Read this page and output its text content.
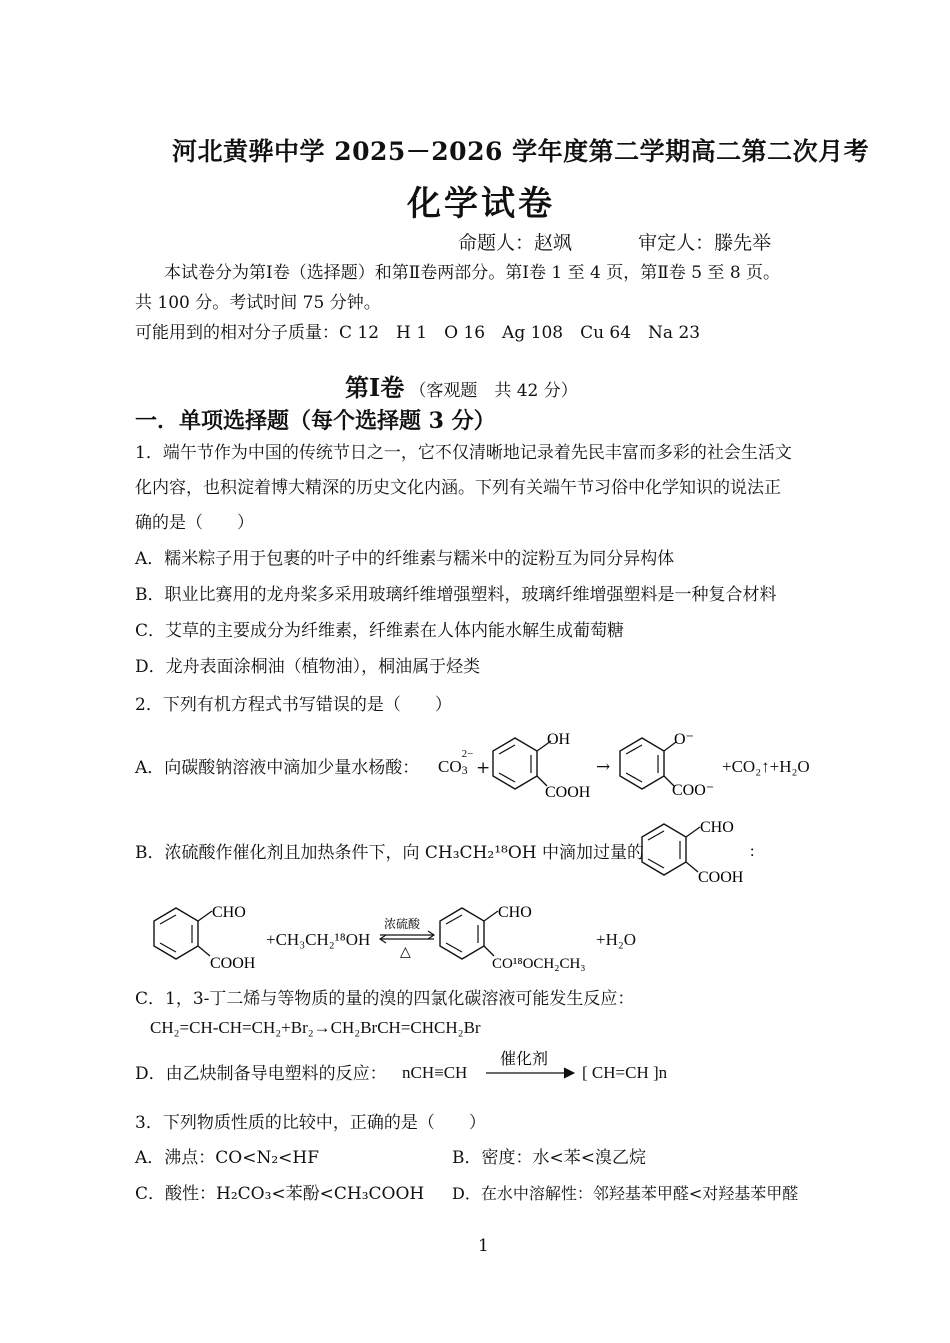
河北黄骅中学 2025－2026 学年度第二学期高二第二次月考
化学试卷
命题人：赵飒	审定人：滕先举
本试卷分为第Ⅰ卷（选择题）和第Ⅱ卷两部分。第Ⅰ卷 1 至 4 页，第Ⅱ卷 5 至 8 页。
共 100 分。考试时间 75 分钟。
可能用到的相对分子质量：C 12　H 1　O 16　Ag 108　Cu 64　Na 23
第Ⅰ卷 （客观题　共 42 分）
一．单项选择题（每个选择题 3 分）
1．端午节作为中国的传统节日之一，它不仅清晰地记录着先民丰富而多彩的社会生活文
化内容，也积淀着博大精深的历史文化内涵。下列有关端午节习俗中化学知识的说法正
确的是（　　）
A．糯米粽子用于包裹的叶子中的纤维素与糯米中的淀粉互为同分异构体
B．职业比赛用的龙舟桨多采用玻璃纤维增强塑料，玻璃纤维增强塑料是一种复合材料
C．艾草的主要成分为纤维素，纤维素在人体内能水解生成葡萄糖
D．龙舟表面涂桐油（植物油），桐油属于烃类
2．下列有机方程式书写错误的是（　　）
A．向碳酸钠溶液中滴加少量水杨酸： CO
2−
3 +
OH
COOH
→
O⁻
COO⁻
+CO₂↑+H₂O
B．浓硫酸作催化剂且加热条件下，向 CH₃CH₂¹⁸OH 中滴加过量的
CHO
COOH
:
CHO
COOH
+CH₃CH₂¹⁸OH
浓硫酸
△
CHO
CO¹⁸OCH₂CH₃
+H₂O
C．1，3-丁二烯与等物质的量的溴的四氯化碳溶液可能发生反应：
CH₂=CH-CH=CH₂+Br₂→CH₂BrCH=CHCH₂Br
D．由乙炔制备导电塑料的反应： nCH≡CH
催化剂
[ CH=CH ]n
3．下列物质性质的比较中，正确的是（　　）
A．沸点：CO<N₂<HF	B．密度：水<苯<溴乙烷
C．酸性：H₂CO₃<苯酚<CH₃COOH D．在水中溶解性：邻羟基苯甲醛<对羟基苯甲醛
1
